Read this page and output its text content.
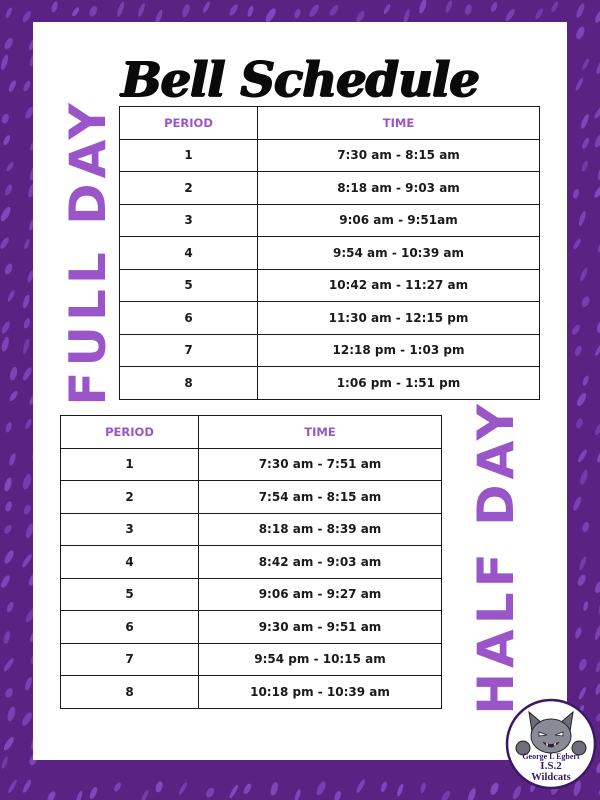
Bell Schedule
FULL DAY	PERIOD	TIME
1	7:30 am - 8:15 am
2	8:18 am - 9:03 am
3	9:06 am - 9:51am
4	9:54 am - 10:39 am
5	10:42 am - 11:27 am
6	11:30 am - 12:15 pm
7	12:18 pm - 1:03 pm
8	1:06 pm - 1:51 pm
PERIOD	TIME
1	7:30 am - 7:51 am
2	7:54 am - 8:15 am
3	8:18 am - 8:39 am
4	8:42 am - 9:03 am
5	9:06 am - 9:27 am
6	9:30 am - 9:51 am
7	9:54 pm - 10:15 am
8	10:18 pm - 10:39 am HALF DAY
George L Egbert
I.S.2
Wildcats
